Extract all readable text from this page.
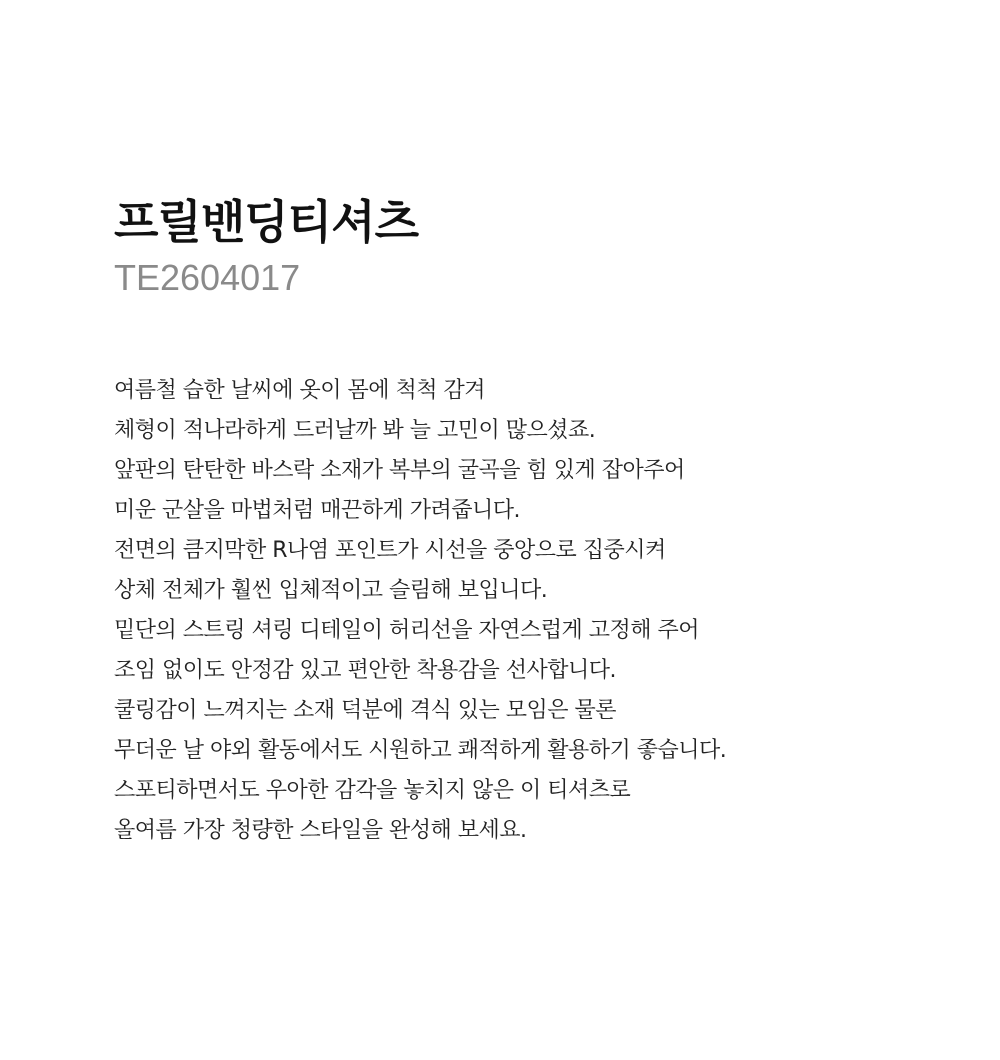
프릴밴딩티셔츠

TE2604017

여름철 습한 날씨에 옷이 몸에 척척 감겨
체형이 적나라하게 드러날까 봐 늘 고민이 많으셨죠.
앞판의 탄탄한 바스락 소재가 복부의 굴곡을 힘 있게 잡아주어
미운 군살을 마법처럼 매끈하게 가려줍니다.
전면의 큼지막한 R나염 포인트가 시선을 중앙으로 집중시켜
상체 전체가 훨씬 입체적이고 슬림해 보입니다.
밑단의 스트링 셔링 디테일이 허리선을 자연스럽게 고정해 주어
조임 없이도 안정감 있고 편안한 착용감을 선사합니다.
쿨링감이 느껴지는 소재 덕분에 격식 있는 모임은 물론
무더운 날 야외 활동에서도 시원하고 쾌적하게 활용하기 좋습니다.
스포티하면서도 우아한 감각을 놓치지 않은 이 티셔츠로
올여름 가장 청량한 스타일을 완성해 보세요.
